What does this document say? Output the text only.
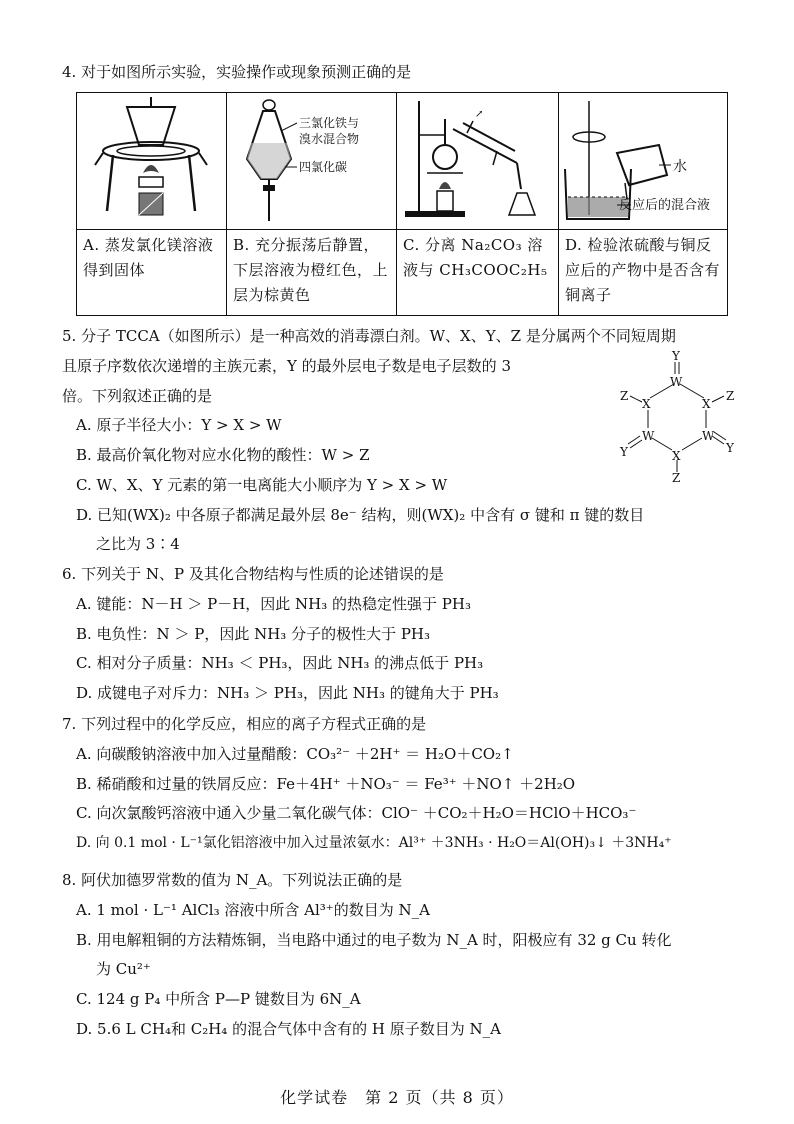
4. 对于如图所示实验，实验操作或现象预测正确的是
A. 蒸发氯化镁溶液得到固体
三氯化铁与
溴水混合物
四氯化碳
B. 充分振荡后静置，下层溶液为橙红色，上层为棕黄色
↗
C. 分离 Na₂CO₃ 溶液与 CH₃COOC₂H₅
水
反应后的混合液
D. 检验浓硫酸与铜反应后的产物中是否含有铜离子
5. 分子 TCCA（如图所示）是一种高效的消毒漂白剂。W、X、Y、Z 是分属两个不同短周期
且原子序数依次递增的主族元素，Y 的最外层电子数是电子层数的 3
倍。下列叙述正确的是
A. 原子半径大小：Y > X > W
B. 最高价氧化物对应水化物的酸性：W > Z
C. W、X、Y 元素的第一电离能大小顺序为 Y > X > W
D. 已知(WX)₂ 中各原子都满足最外层 8e⁻ 结构，则(WX)₂ 中含有 σ 键和 π 键的数目
之比为 3∶4
Y
W
X	X
Z	Z
W	W
Y	Y
X
Z
6. 下列关于 N、P 及其化合物结构与性质的论述错误的是
A. 键能：N－H ＞ P－H，因此 NH₃ 的热稳定性强于 PH₃
B. 电负性：N ＞ P，因此 NH₃ 分子的极性大于 PH₃
C. 相对分子质量：NH₃ ＜ PH₃，因此 NH₃ 的沸点低于 PH₃
D. 成键电子对斥力：NH₃ ＞ PH₃，因此 NH₃ 的键角大于 PH₃
7. 下列过程中的化学反应，相应的离子方程式正确的是
A. 向碳酸钠溶液中加入过量醋酸：CO₃²⁻ ＋2H⁺ ＝ H₂O＋CO₂↑
B. 稀硝酸和过量的铁屑反应：Fe＋4H⁺ ＋NO₃⁻ ＝ Fe³⁺ ＋NO↑ ＋2H₂O
C. 向次氯酸钙溶液中通入少量二氧化碳气体：ClO⁻ ＋CO₂＋H₂O＝HClO＋HCO₃⁻
D. 向 0.1 mol · L⁻¹氯化铝溶液中加入过量浓氨水：Al³⁺ ＋3NH₃ · H₂O＝Al(OH)₃↓ ＋3NH₄⁺
8. 阿伏加德罗常数的值为 N_A。下列说法正确的是
A. 1 mol · L⁻¹ AlCl₃ 溶液中所含 Al³⁺的数目为 N_A
B. 用电解粗铜的方法精炼铜，当电路中通过的电子数为 N_A 时，阳极应有 32 g Cu 转化
为 Cu²⁺
C. 124 g P₄ 中所含 P—P 键数目为 6N_A
D. 5.6 L CH₄和 C₂H₄ 的混合气体中含有的 H 原子数目为 N_A
化学试卷　第 2 页（共 8 页）
